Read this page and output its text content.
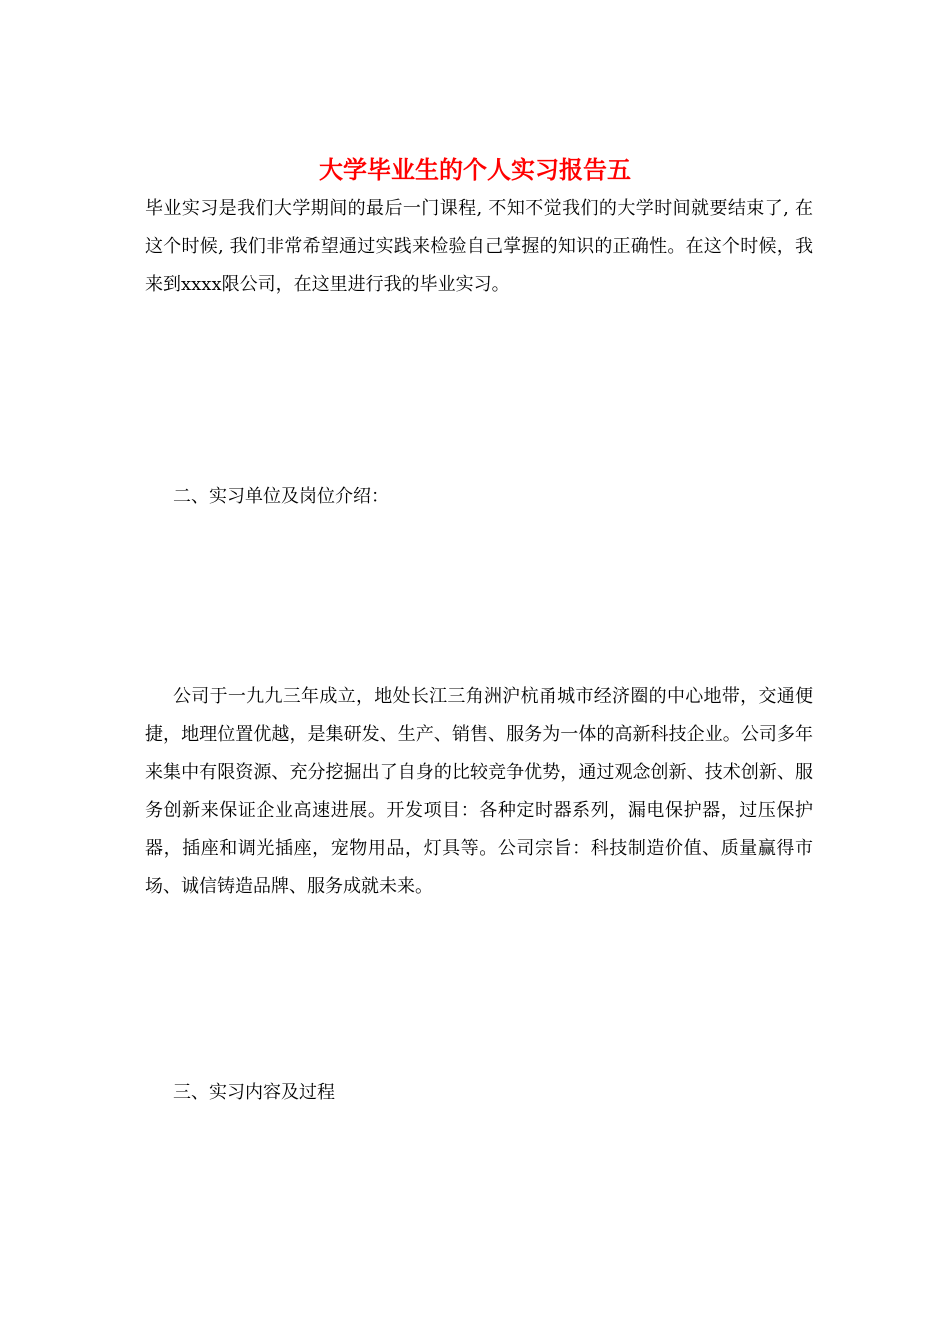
大学毕业生的个人实习报告五
毕业实习是我们大学期间的最后一门课程, 不知不觉我们的大学时间就要结束了, 在这个时候, 我们非常希望通过实践来检验自己掌握的知识的正确性。在这个时候，我来到xxxx限公司，在这里进行我的毕业实习。
二、实习单位及岗位介绍：
公司于一九九三年成立，地处长江三角洲沪杭甬城市经济圈的中心地带，交通便捷，地理位置优越，是集研发、生产、销售、服务为一体的高新科技企业。公司多年来集中有限资源、充分挖掘出了自身的比较竞争优势，通过观念创新、技术创新、服务创新来保证企业高速进展。开发项目：各种定时器系列，漏电保护器，过压保护器，插座和调光插座，宠物用品，灯具等。公司宗旨：科技制造价值、质量赢得市场、诚信铸造品牌、服务成就未来。
三、实习内容及过程
